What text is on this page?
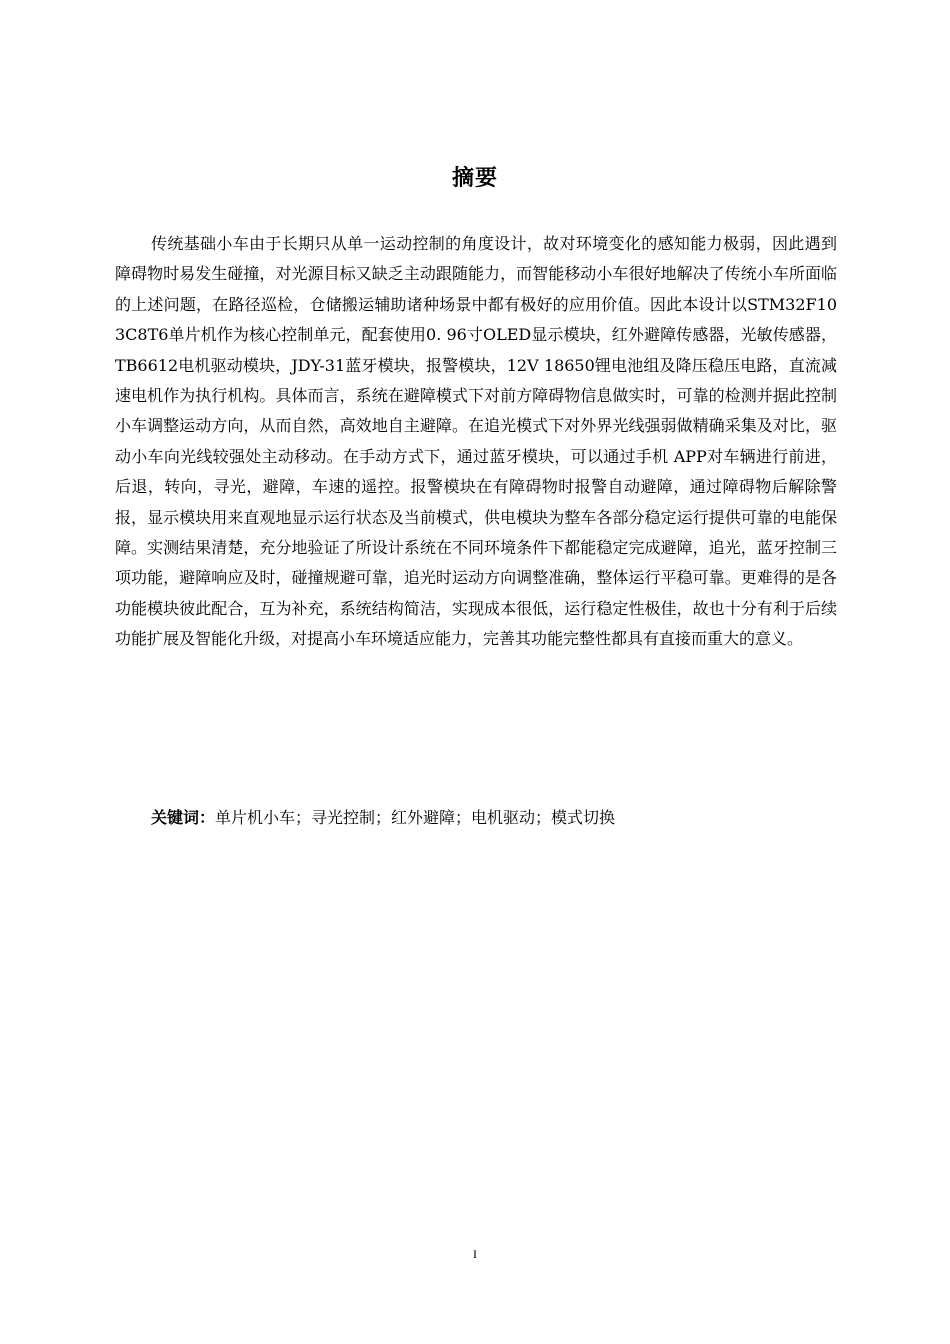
摘要

传统基础小车由于长期只从单一运动控制的角度设计，故对环境变化的感知能力极弱，因此遇到障碍物时易发生碰撞，对光源目标又缺乏主动跟随能力，而智能移动小车很好地解决了传统小车所面临的上述问题，在路径巡检，仓储搬运辅助诸种场景中都有极好的应用价值。因此本设计以STM32F103C8T6单片机作为核心控制单元，配套使用0. 96寸OLED显示模块，红外避障传感器，光敏传感器，TB6612电机驱动模块，JDY-31蓝牙模块，报警模块，12V 18650锂电池组及降压稳压电路，直流减速电机作为执行机构。具体而言，系统在避障模式下对前方障碍物信息做实时，可靠的检测并据此控制小车调整运动方向，从而自然，高效地自主避障。在追光模式下对外界光线强弱做精确采集及对比，驱动小车向光线较强处主动移动。在手动方式下，通过蓝牙模块，可以通过手机 APP对车辆进行前进，后退，转向，寻光，避障，车速的遥控。报警模块在有障碍物时报警自动避障，通过障碍物后解除警报，显示模块用来直观地显示运行状态及当前模式，供电模块为整车各部分稳定运行提供可靠的电能保障。实测结果清楚，充分地验证了所设计系统在不同环境条件下都能稳定完成避障，追光，蓝牙控制三项功能，避障响应及时，碰撞规避可靠，追光时运动方向调整准确，整体运行平稳可靠。更难得的是各功能模块彼此配合，互为补充，系统结构简洁，实现成本很低，运行稳定性极佳，故也十分有利于后续功能扩展及智能化升级，对提高小车环境适应能力，完善其功能完整性都具有直接而重大的意义。

关键词：单片机小车；寻光控制；红外避障；电机驱动；模式切换

I
